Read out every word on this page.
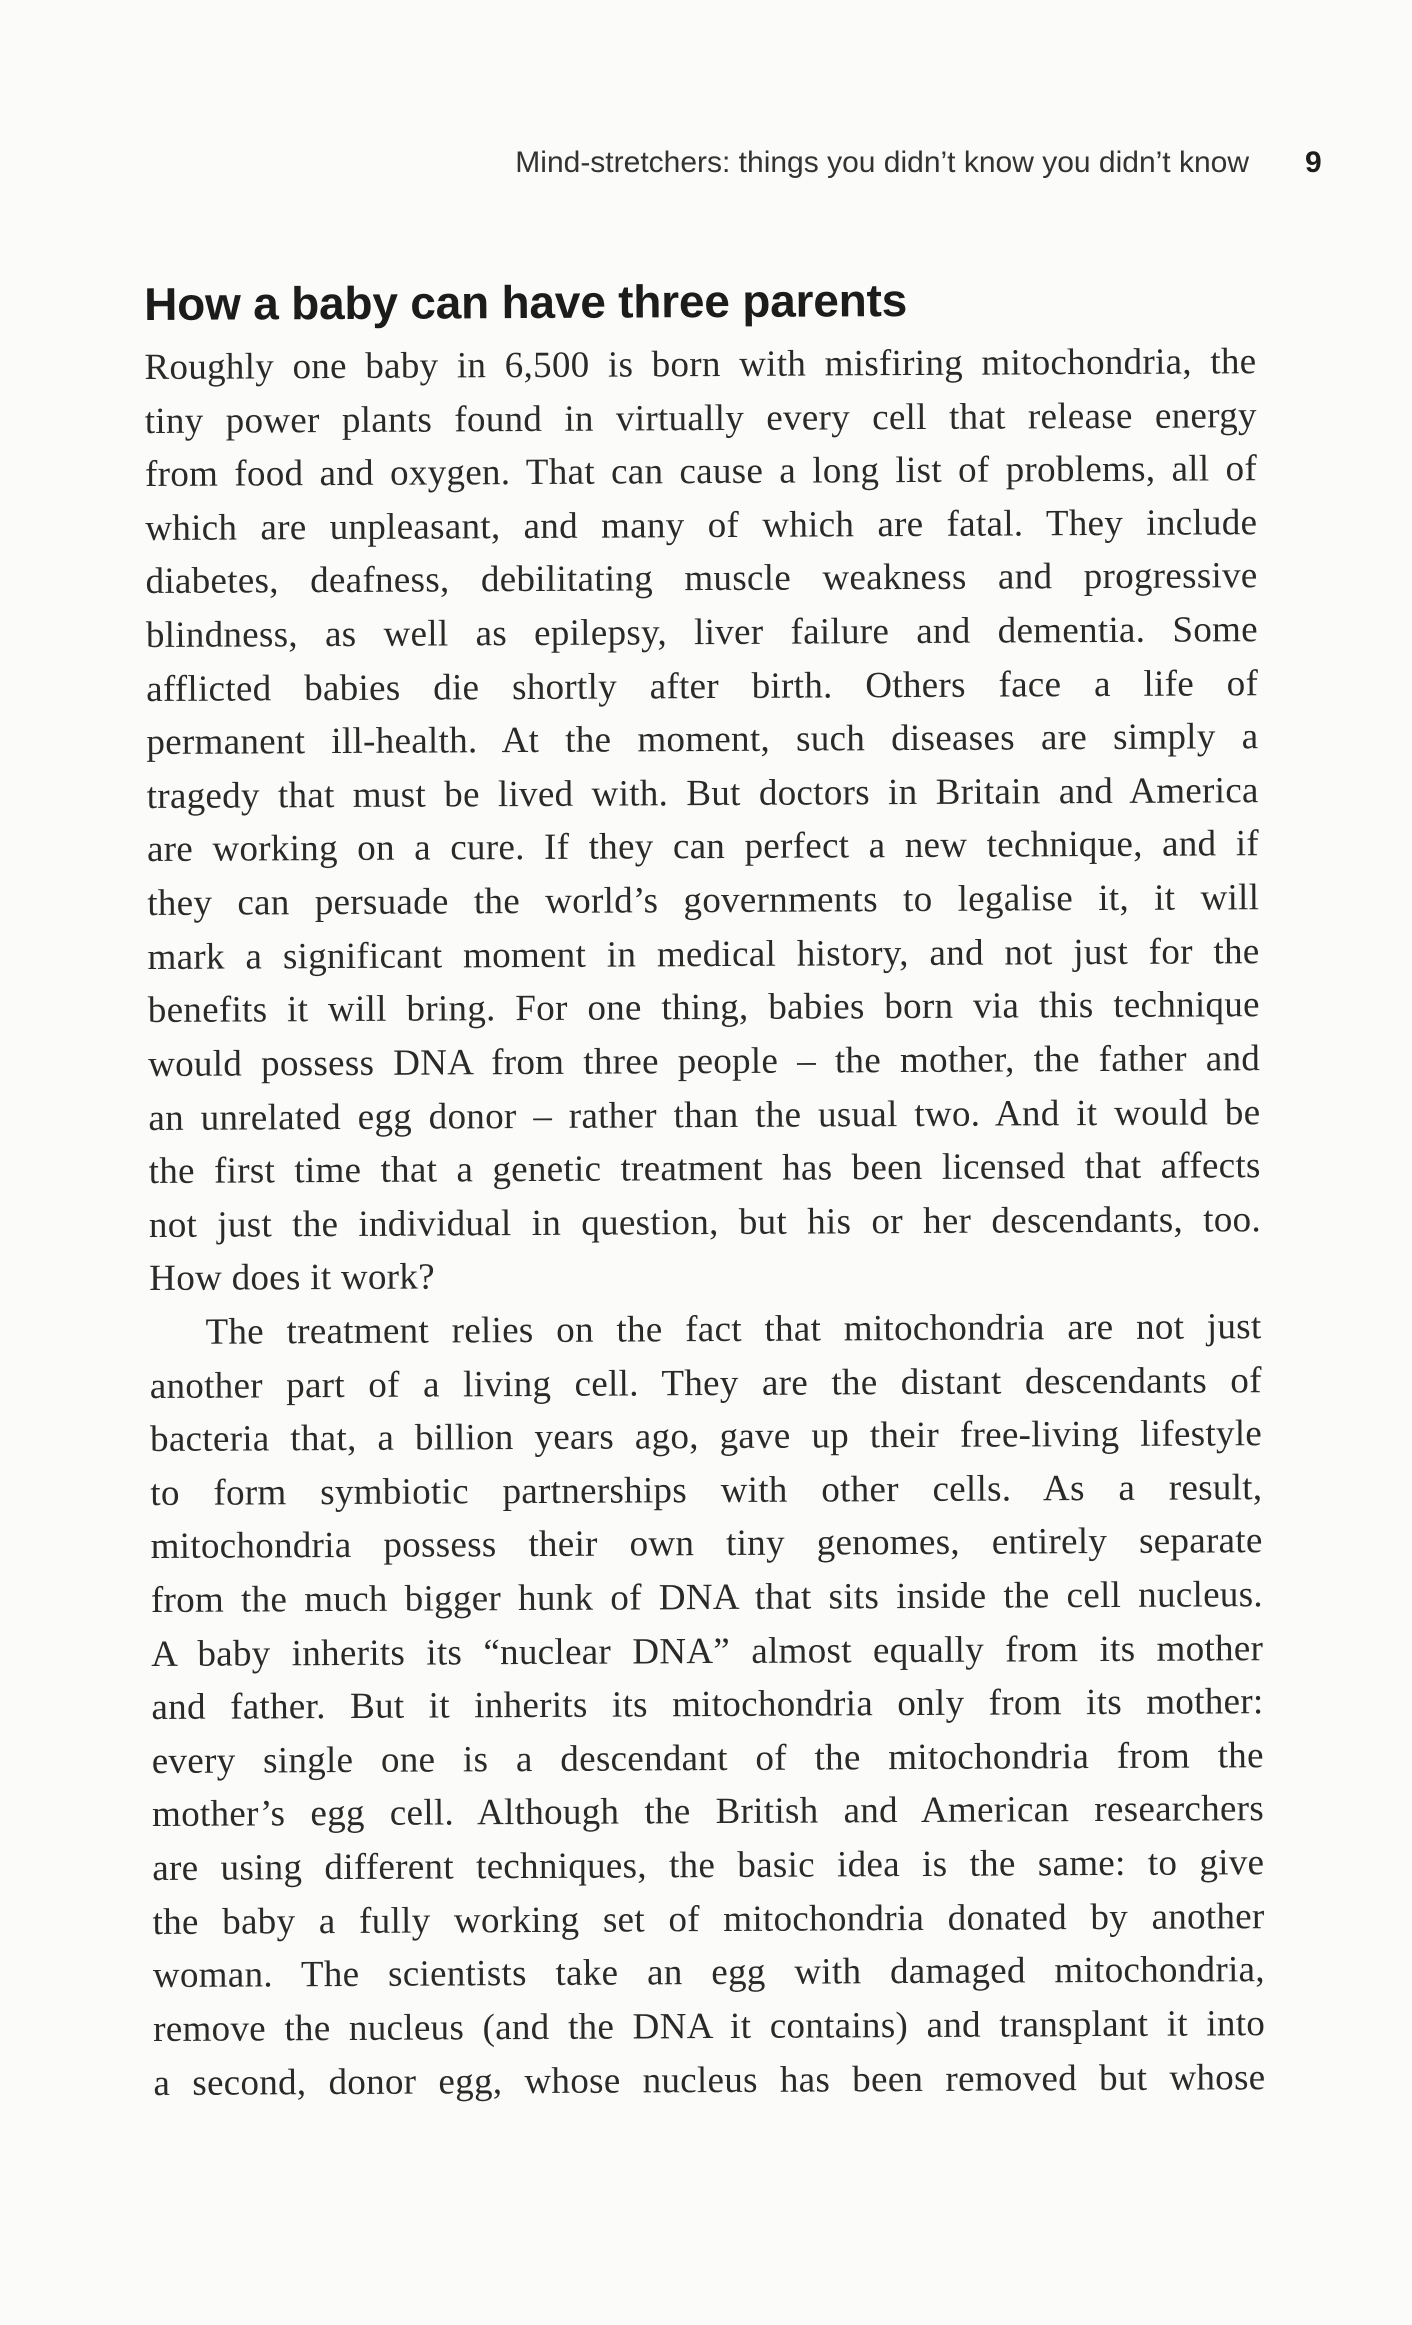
Mind-stretchers: things you didn’t know you didn’t know 9
How a baby can have three parents
Roughly one baby in 6,500 is born with misfiring mitochondria, the
tiny power plants found in virtually every cell that release energy
from food and oxygen. That can cause a long list of problems, all of
which are unpleasant, and many of which are fatal. They include
diabetes, deafness, debilitating muscle weakness and progressive
blindness, as well as epilepsy, liver failure and dementia. Some
afflicted babies die shortly after birth. Others face a life of
permanent ill-health. At the moment, such diseases are simply a
tragedy that must be lived with. But doctors in Britain and America
are working on a cure. If they can perfect a new technique, and if
they can persuade the world’s governments to legalise it, it will
mark a significant moment in medical history, and not just for the
benefits it will bring. For one thing, babies born via this technique
would possess DNA from three people – the mother, the father and
an unrelated egg donor – rather than the usual two. And it would be
the first time that a genetic treatment has been licensed that affects
not just the individual in question, but his or her descendants, too.
How does it work?
The treatment relies on the fact that mitochondria are not just
another part of a living cell. They are the distant descendants of
bacteria that, a billion years ago, gave up their free-living lifestyle
to form symbiotic partnerships with other cells. As a result,
mitochondria possess their own tiny genomes, entirely separate
from the much bigger hunk of DNA that sits inside the cell nucleus.
A baby inherits its “nuclear DNA” almost equally from its mother
and father. But it inherits its mitochondria only from its mother:
every single one is a descendant of the mitochondria from the
mother’s egg cell. Although the British and American researchers
are using different techniques, the basic idea is the same: to give
the baby a fully working set of mitochondria donated by another
woman. The scientists take an egg with damaged mitochondria,
remove the nucleus (and the DNA it contains) and transplant it into
a second, donor egg, whose nucleus has been removed but whose
